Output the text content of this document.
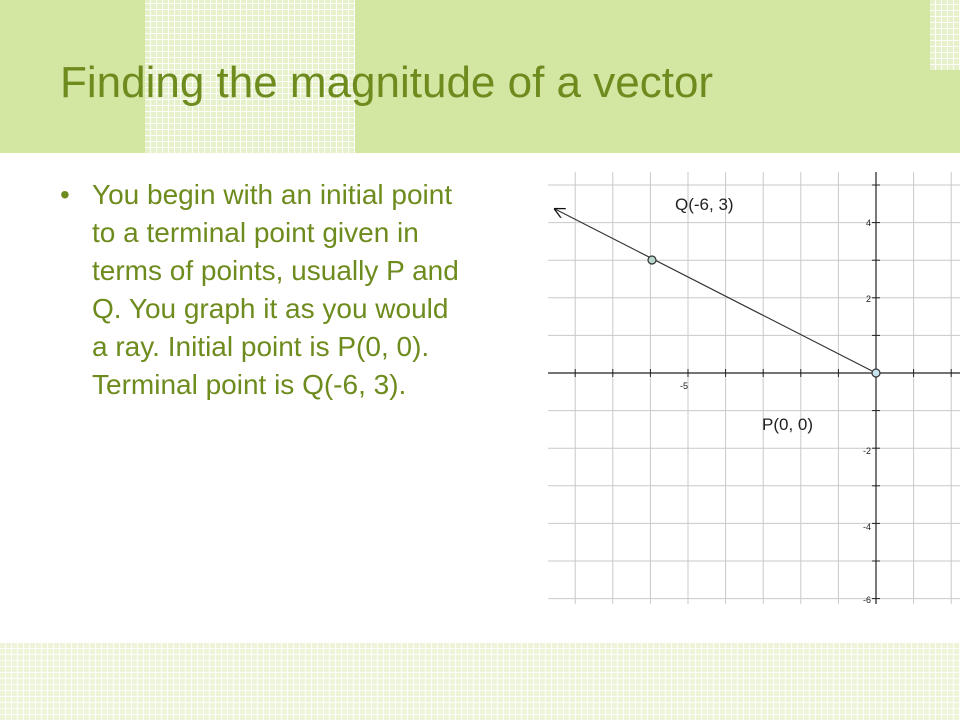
Finding the magnitude of a vector
• You begin with an initial point to a terminal point given in terms of points, usually P and Q. You graph it as you would a ray. Initial point is P(0, 0). Terminal point is Q(-6, 3).	-5
4
2
-2
-4
-6
Q(-6, 3)
P(0, 0)
